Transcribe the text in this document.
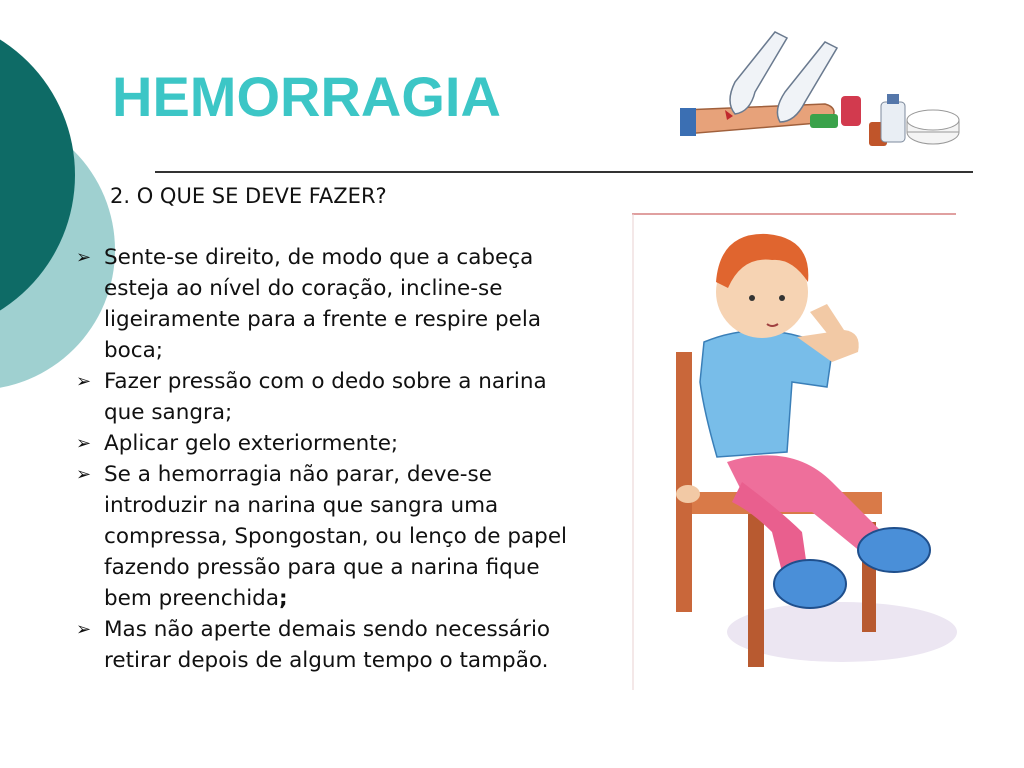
HEMORRAGIA
2. O QUE SE DEVE FAZER?
➢ Sente-se direito, de modo que a cabeça esteja ao nível do coração, incline-se ligeiramente para a frente e respire pela boca;
➢ Fazer pressão com o dedo sobre a narina que sangra;
➢ Aplicar gelo exteriormente;
➢ Se a hemorragia não parar, deve-se introduzir na narina que sangra uma compressa, Spongostan, ou lenço de papel fazendo pressão para que a narina fique bem preenchida;
➢ Mas não aperte demais sendo necessário retirar depois de algum tempo o tampão.
